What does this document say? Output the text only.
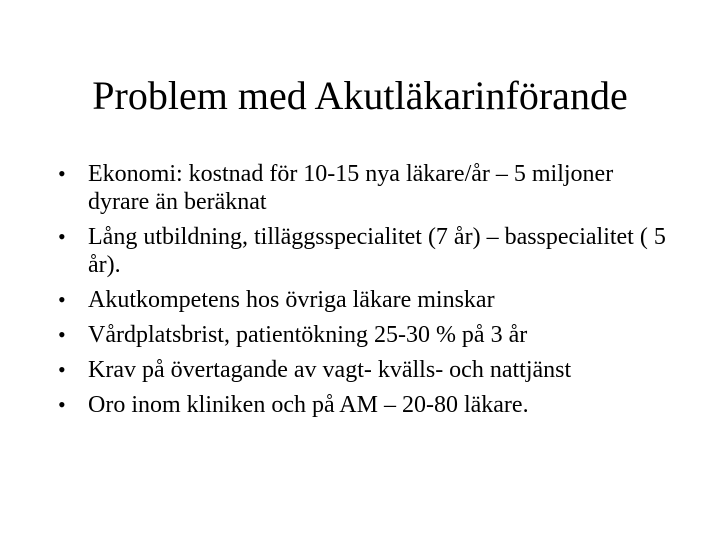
Problem med Akutläkarinförande
• Ekonomi: kostnad för 10-15 nya läkare/år – 5 miljoner dyrare än beräknat
• Lång utbildning, tilläggsspecialitet (7 år) – basspecialitet ( 5 år).
• Akutkompetens hos övriga läkare minskar
• Vårdplatsbrist, patientökning 25-30 % på 3 år
• Krav på övertagande av vagt- kvälls- och nattjänst
• Oro inom kliniken och på AM – 20-80 läkare.
